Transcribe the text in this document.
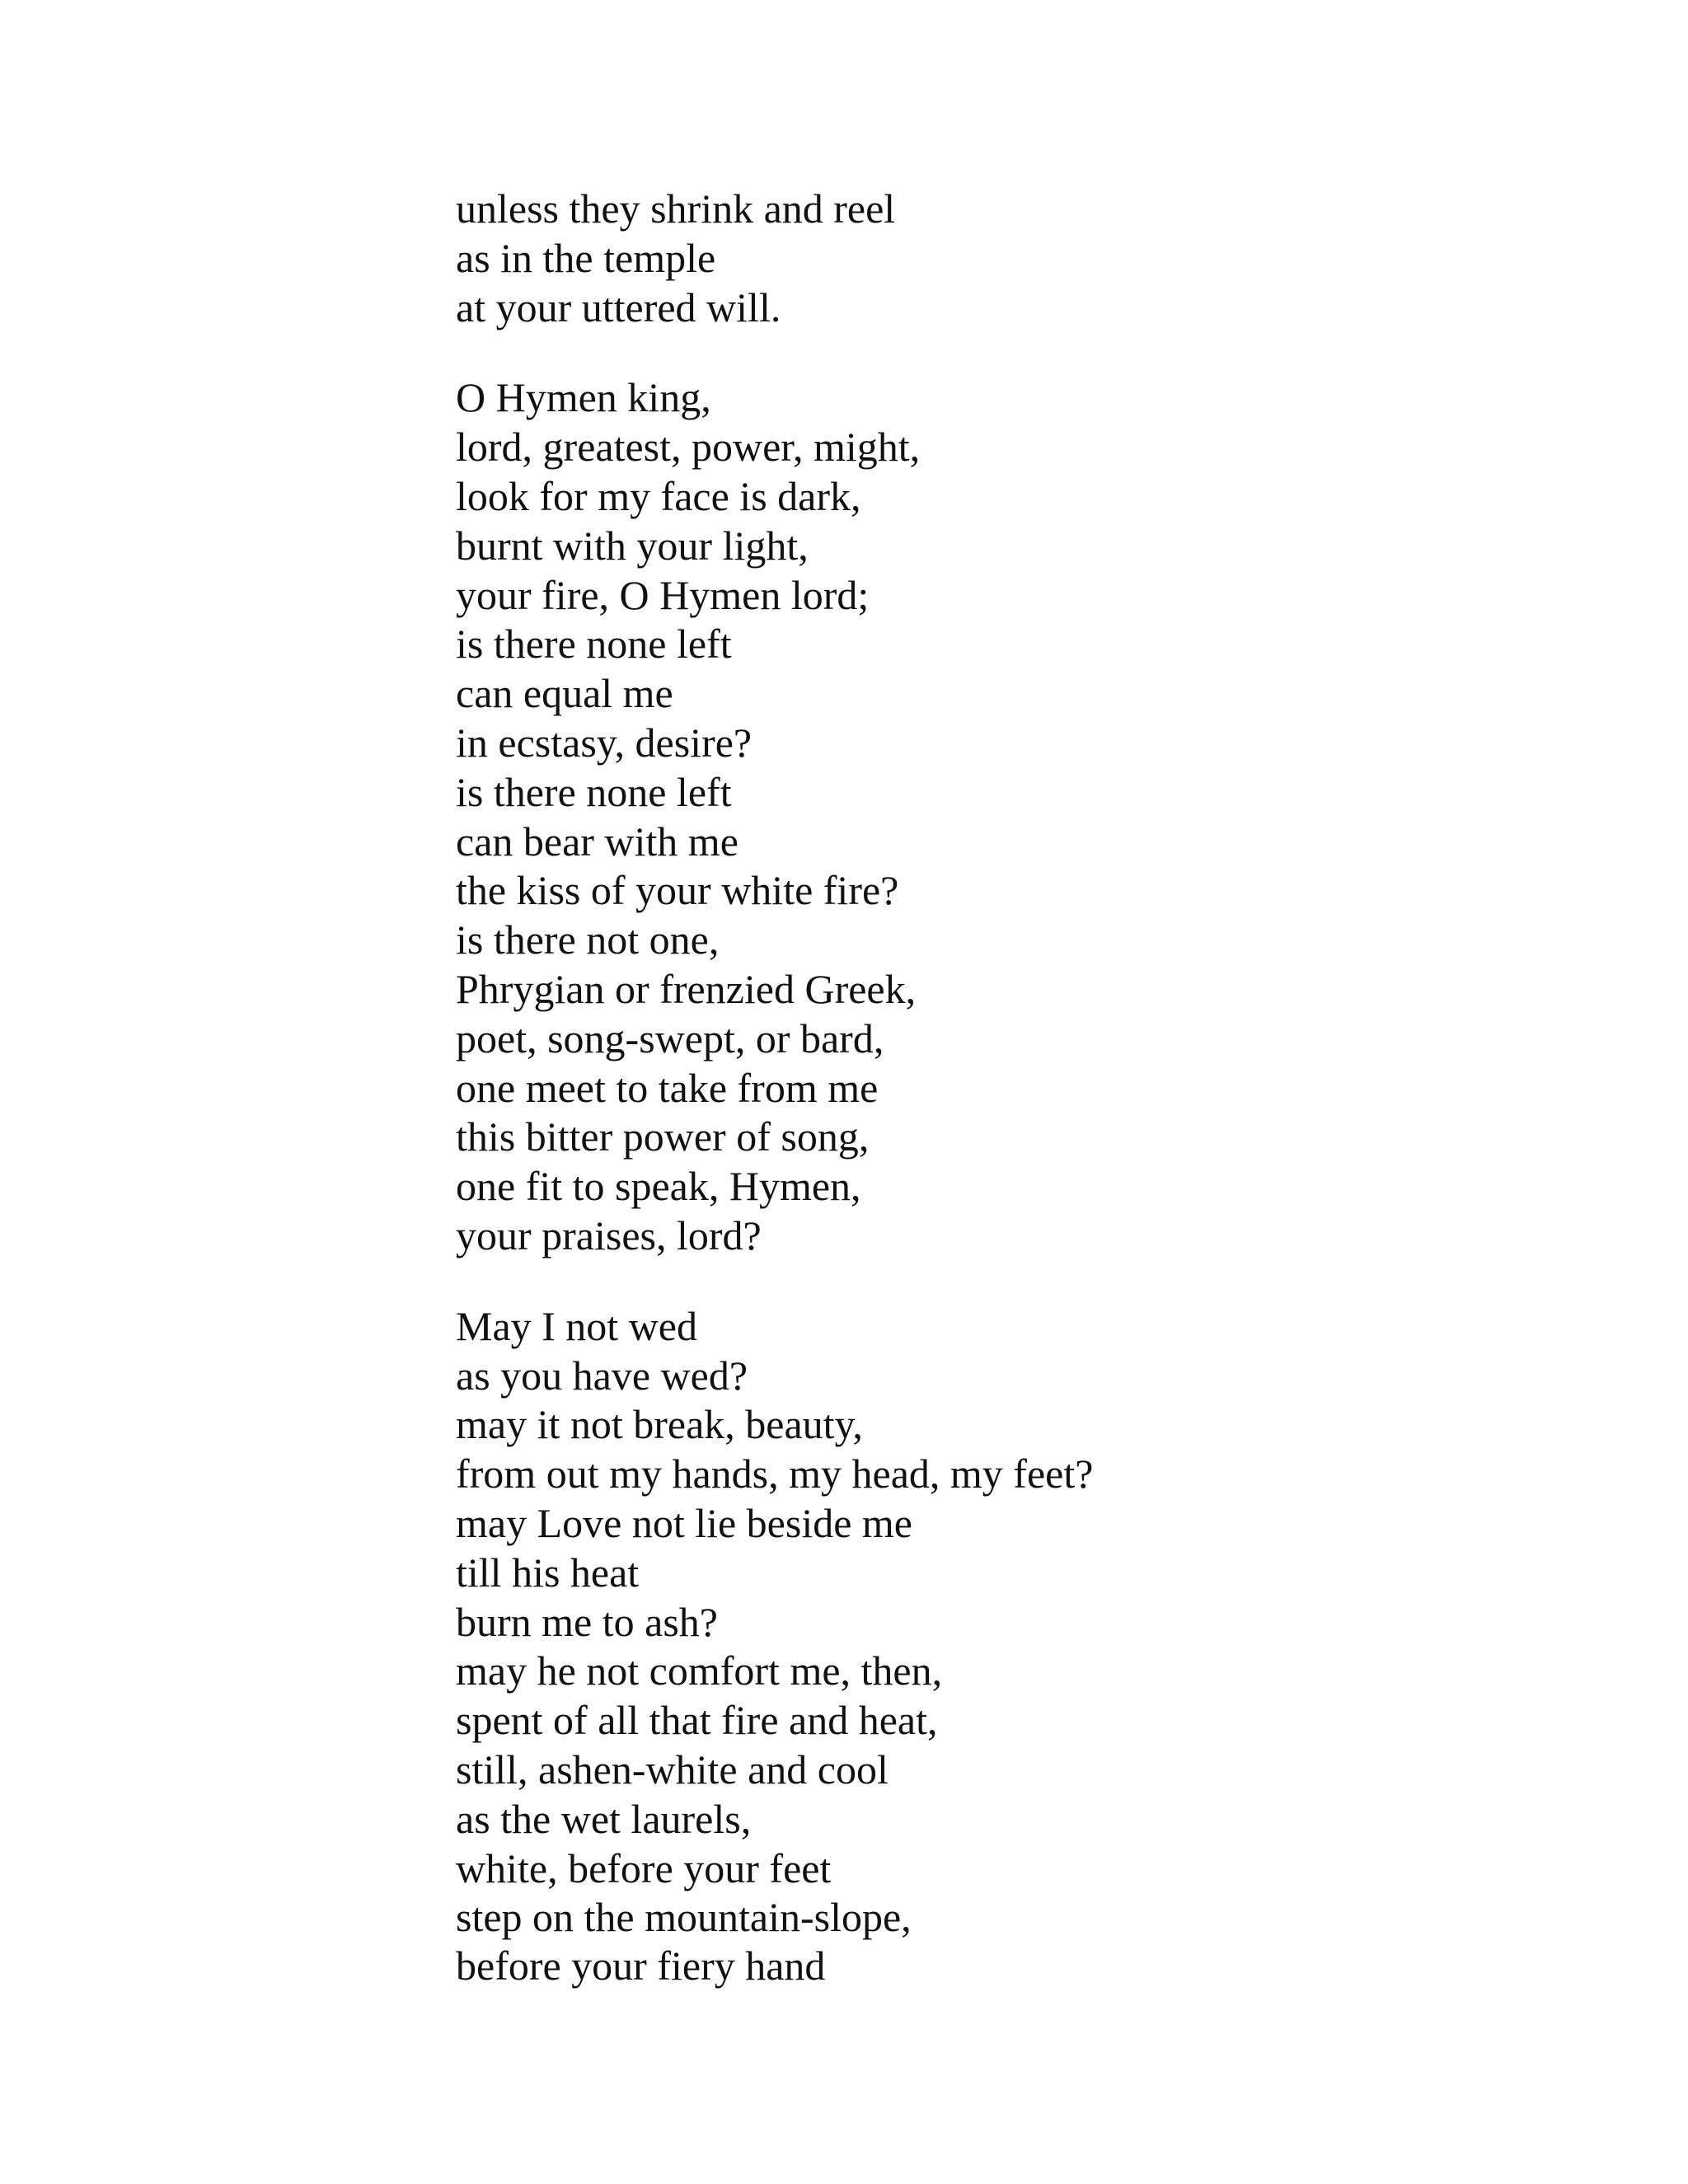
unless they shrink and reel
as in the temple
at your uttered will.
O Hymen king,
lord, greatest, power, might,
look for my face is dark,
burnt with your light,
your fire, O Hymen lord;
is there none left
can equal me
in ecstasy, desire?
is there none left
can bear with me
the kiss of your white fire?
is there not one,
Phrygian or frenzied Greek,
poet, song-swept, or bard,
one meet to take from me
this bitter power of song,
one fit to speak, Hymen,
your praises, lord?
May I not wed
as you have wed?
may it not break, beauty,
from out my hands, my head, my feet?
may Love not lie beside me
till his heat
burn me to ash?
may he not comfort me, then,
spent of all that fire and heat,
still, ashen-white and cool
as the wet laurels,
white, before your feet
step on the mountain-slope,
before your fiery hand
